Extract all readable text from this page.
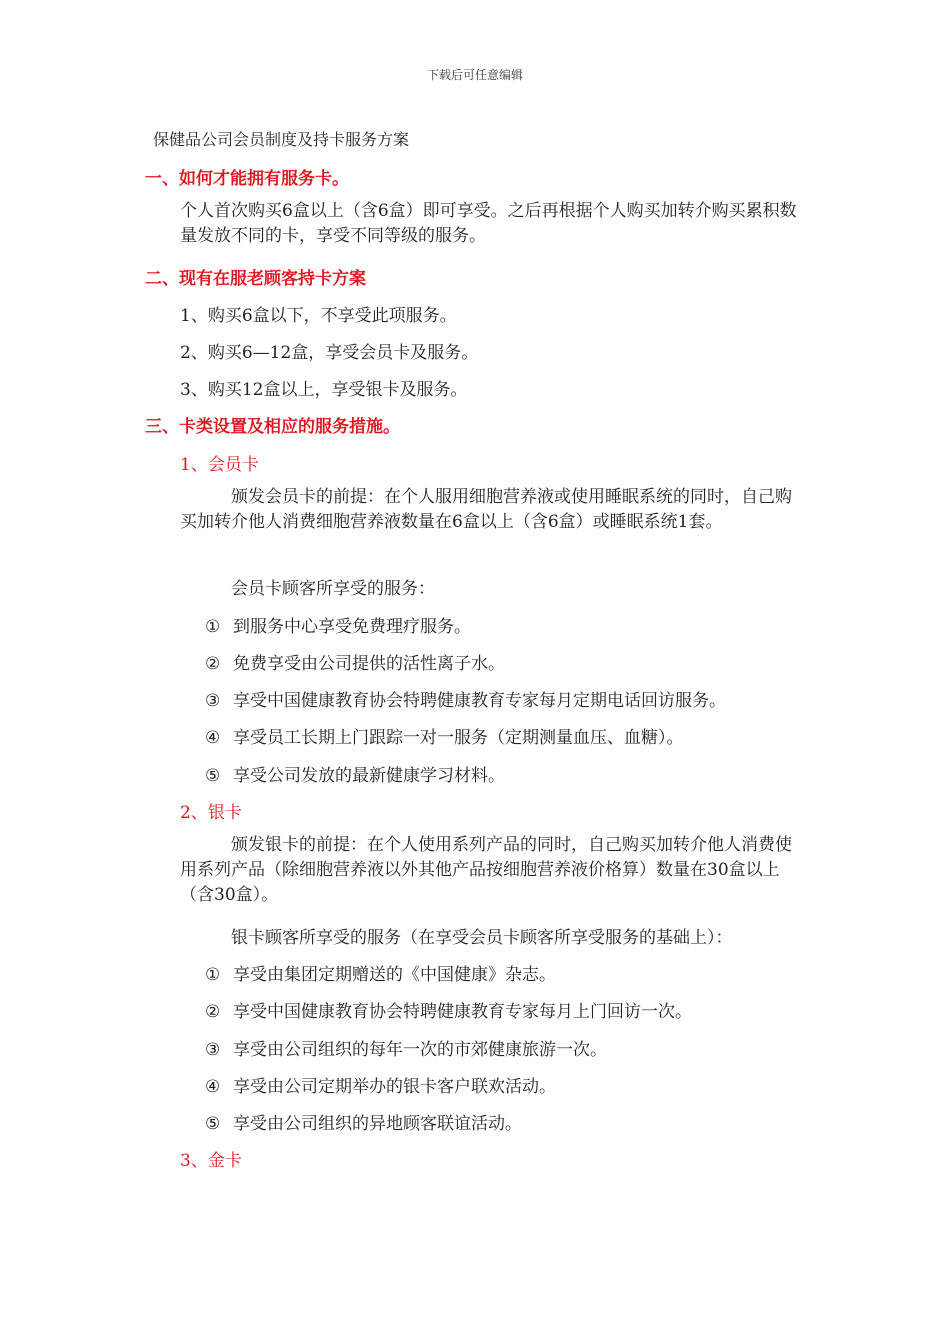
下载后可任意编辑
保健品公司会员制度及持卡服务方案
一、如何才能拥有服务卡。
个人首次购买6盒以上（含6盒）即可享受。之后再根据个人购买加转介购买累积数量发放不同的卡，享受不同等级的服务。
二、现有在服老顾客持卡方案
1、购买6盒以下，不享受此项服务。
2、购买6—12盒，享受会员卡及服务。
3、购买12盒以上，享受银卡及服务。
三、卡类设置及相应的服务措施。
1、会员卡
颁发会员卡的前提：在个人服用细胞营养液或使用睡眠系统的同时，自己购买加转介他人消费细胞营养液数量在6盒以上（含6盒）或睡眠系统1套。
会员卡顾客所享受的服务：
① 到服务中心享受免费理疗服务。
② 免费享受由公司提供的活性离子水。
③ 享受中国健康教育协会特聘健康教育专家每月定期电话回访服务。
④ 享受员工长期上门跟踪一对一服务（定期测量血压、血糖）。
⑤ 享受公司发放的最新健康学习材料。
2、银卡
颁发银卡的前提：在个人使用系列产品的同时，自己购买加转介他人消费使用系列产品（除细胞营养液以外其他产品按细胞营养液价格算）数量在30盒以上（含30盒）。
银卡顾客所享受的服务（在享受会员卡顾客所享受服务的基础上）：
① 享受由集团定期赠送的《中国健康》杂志。
② 享受中国健康教育协会特聘健康教育专家每月上门回访一次。
③ 享受由公司组织的每年一次的市郊健康旅游一次。
④ 享受由公司定期举办的银卡客户联欢活动。
⑤ 享受由公司组织的异地顾客联谊活动。
3、金卡
